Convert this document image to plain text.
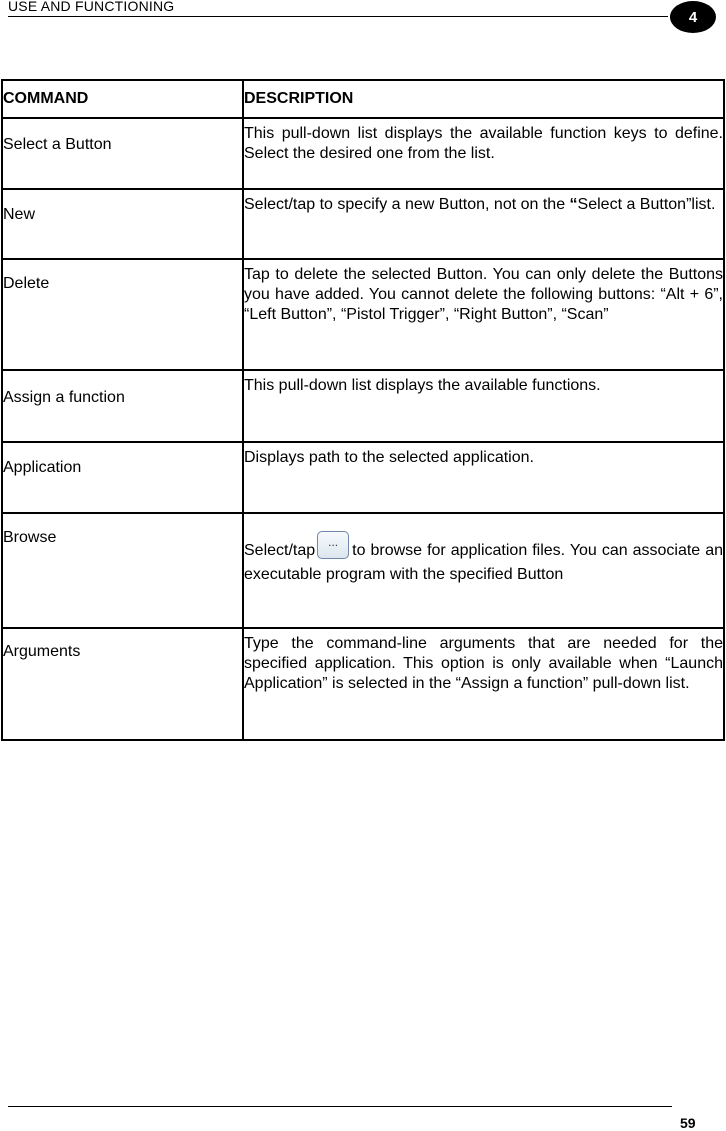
USE AND FUNCTIONING
4
COMMAND	DESCRIPTION
Select a Button	This pull-down list displays the available function keys to define. Select the desired one from the list.
New	Select/tap to specify a new Button, not on the “Select a Button”list.
Delete	Tap to delete the selected Button. You can only delete the Buttons you have added. You cannot delete the following buttons: “Alt + 6”, “Left Button”, “Pistol Trigger”, “Right Button”, “Scan”
Assign a function	This pull-down list displays the available functions.
Application	Displays path to the selected application.
Browse	Select/tap...to browse for application files. You can associate an executable program with the specified Button
Arguments	Type the command-line arguments that are needed for the specified application. This option is only available when “Launch Application” is selected in the “Assign a function” pull-down list.
59
